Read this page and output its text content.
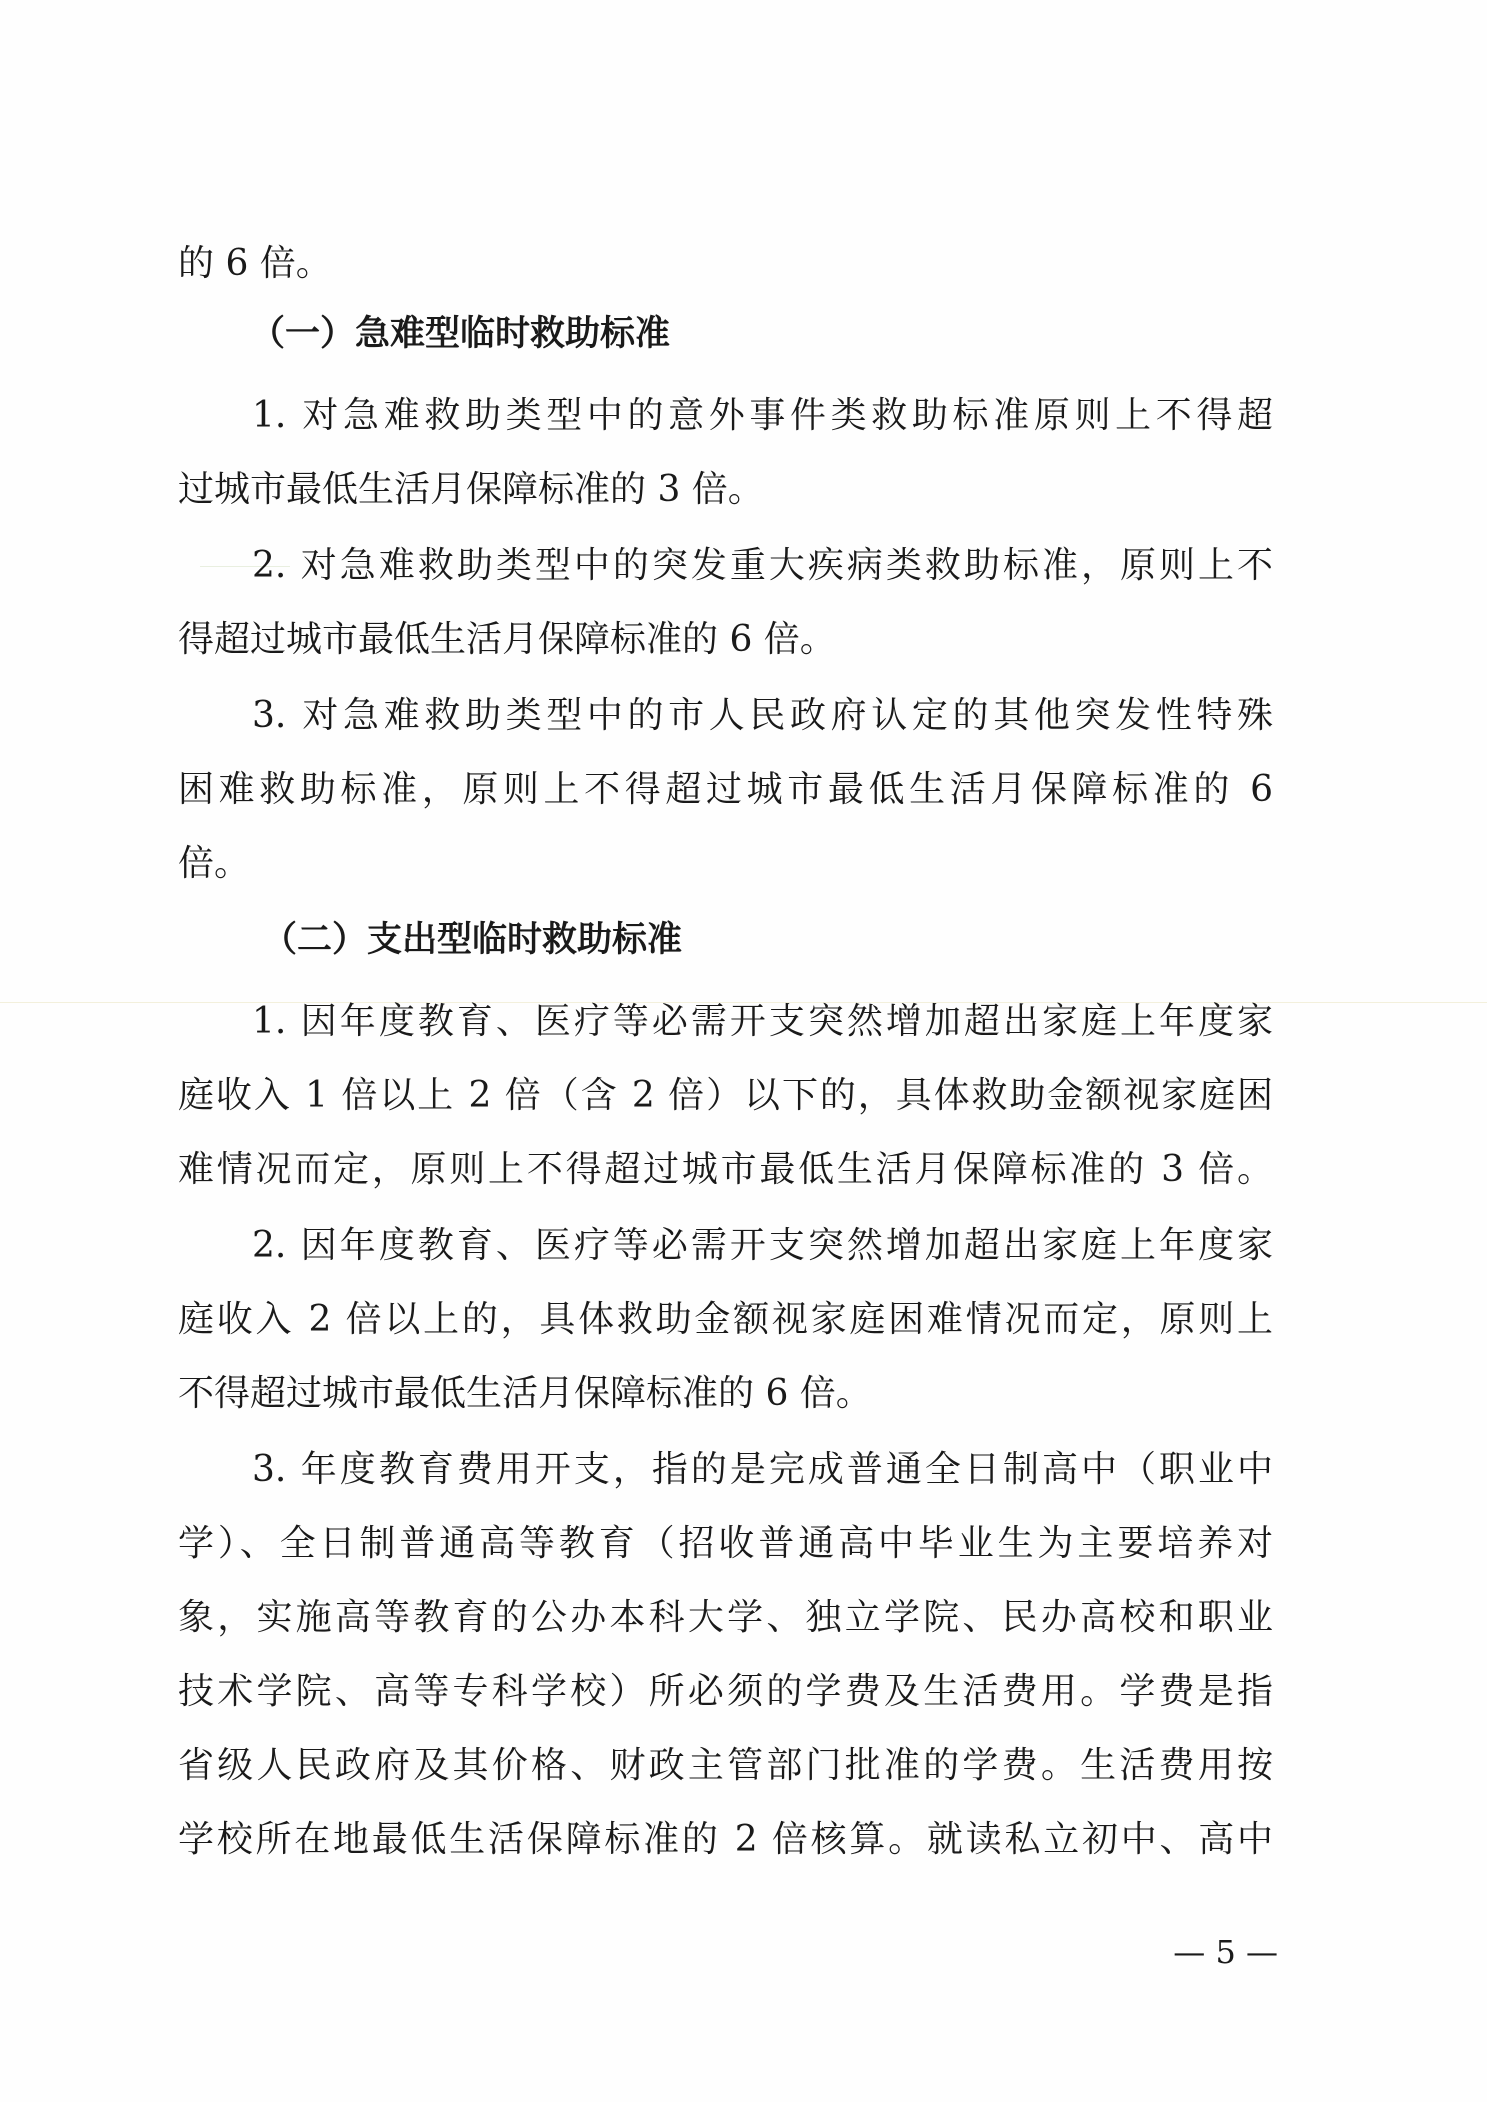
的 6 倍。
（一）急难型临时救助标准
1. 对急难救助类型中的意外事件类救助标准原则上不得超
过城市最低生活月保障标准的 3 倍。
2. 对急难救助类型中的突发重大疾病类救助标准，原则上不
得超过城市最低生活月保障标准的 6 倍。
3. 对急难救助类型中的市人民政府认定的其他突发性特殊
困难救助标准，原则上不得超过城市最低生活月保障标准的 6
倍。
（二）支出型临时救助标准
1. 因年度教育、医疗等必需开支突然增加超出家庭上年度家
庭收入 1 倍以上 2 倍（含 2 倍）以下的，具体救助金额视家庭困
难情况而定，原则上不得超过城市最低生活月保障标准的 3 倍。
2. 因年度教育、医疗等必需开支突然增加超出家庭上年度家
庭收入 2 倍以上的，具体救助金额视家庭困难情况而定，原则上
不得超过城市最低生活月保障标准的 6 倍。
3. 年度教育费用开支，指的是完成普通全日制高中（职业中
学）、全日制普通高等教育（招收普通高中毕业生为主要培养对
象，实施高等教育的公办本科大学、独立学院、民办高校和职业
技术学院、高等专科学校）所必须的学费及生活费用。学费是指
省级人民政府及其价格、财政主管部门批准的学费。生活费用按
学校所在地最低生活保障标准的 2 倍核算。就读私立初中、高中
— 5 —
